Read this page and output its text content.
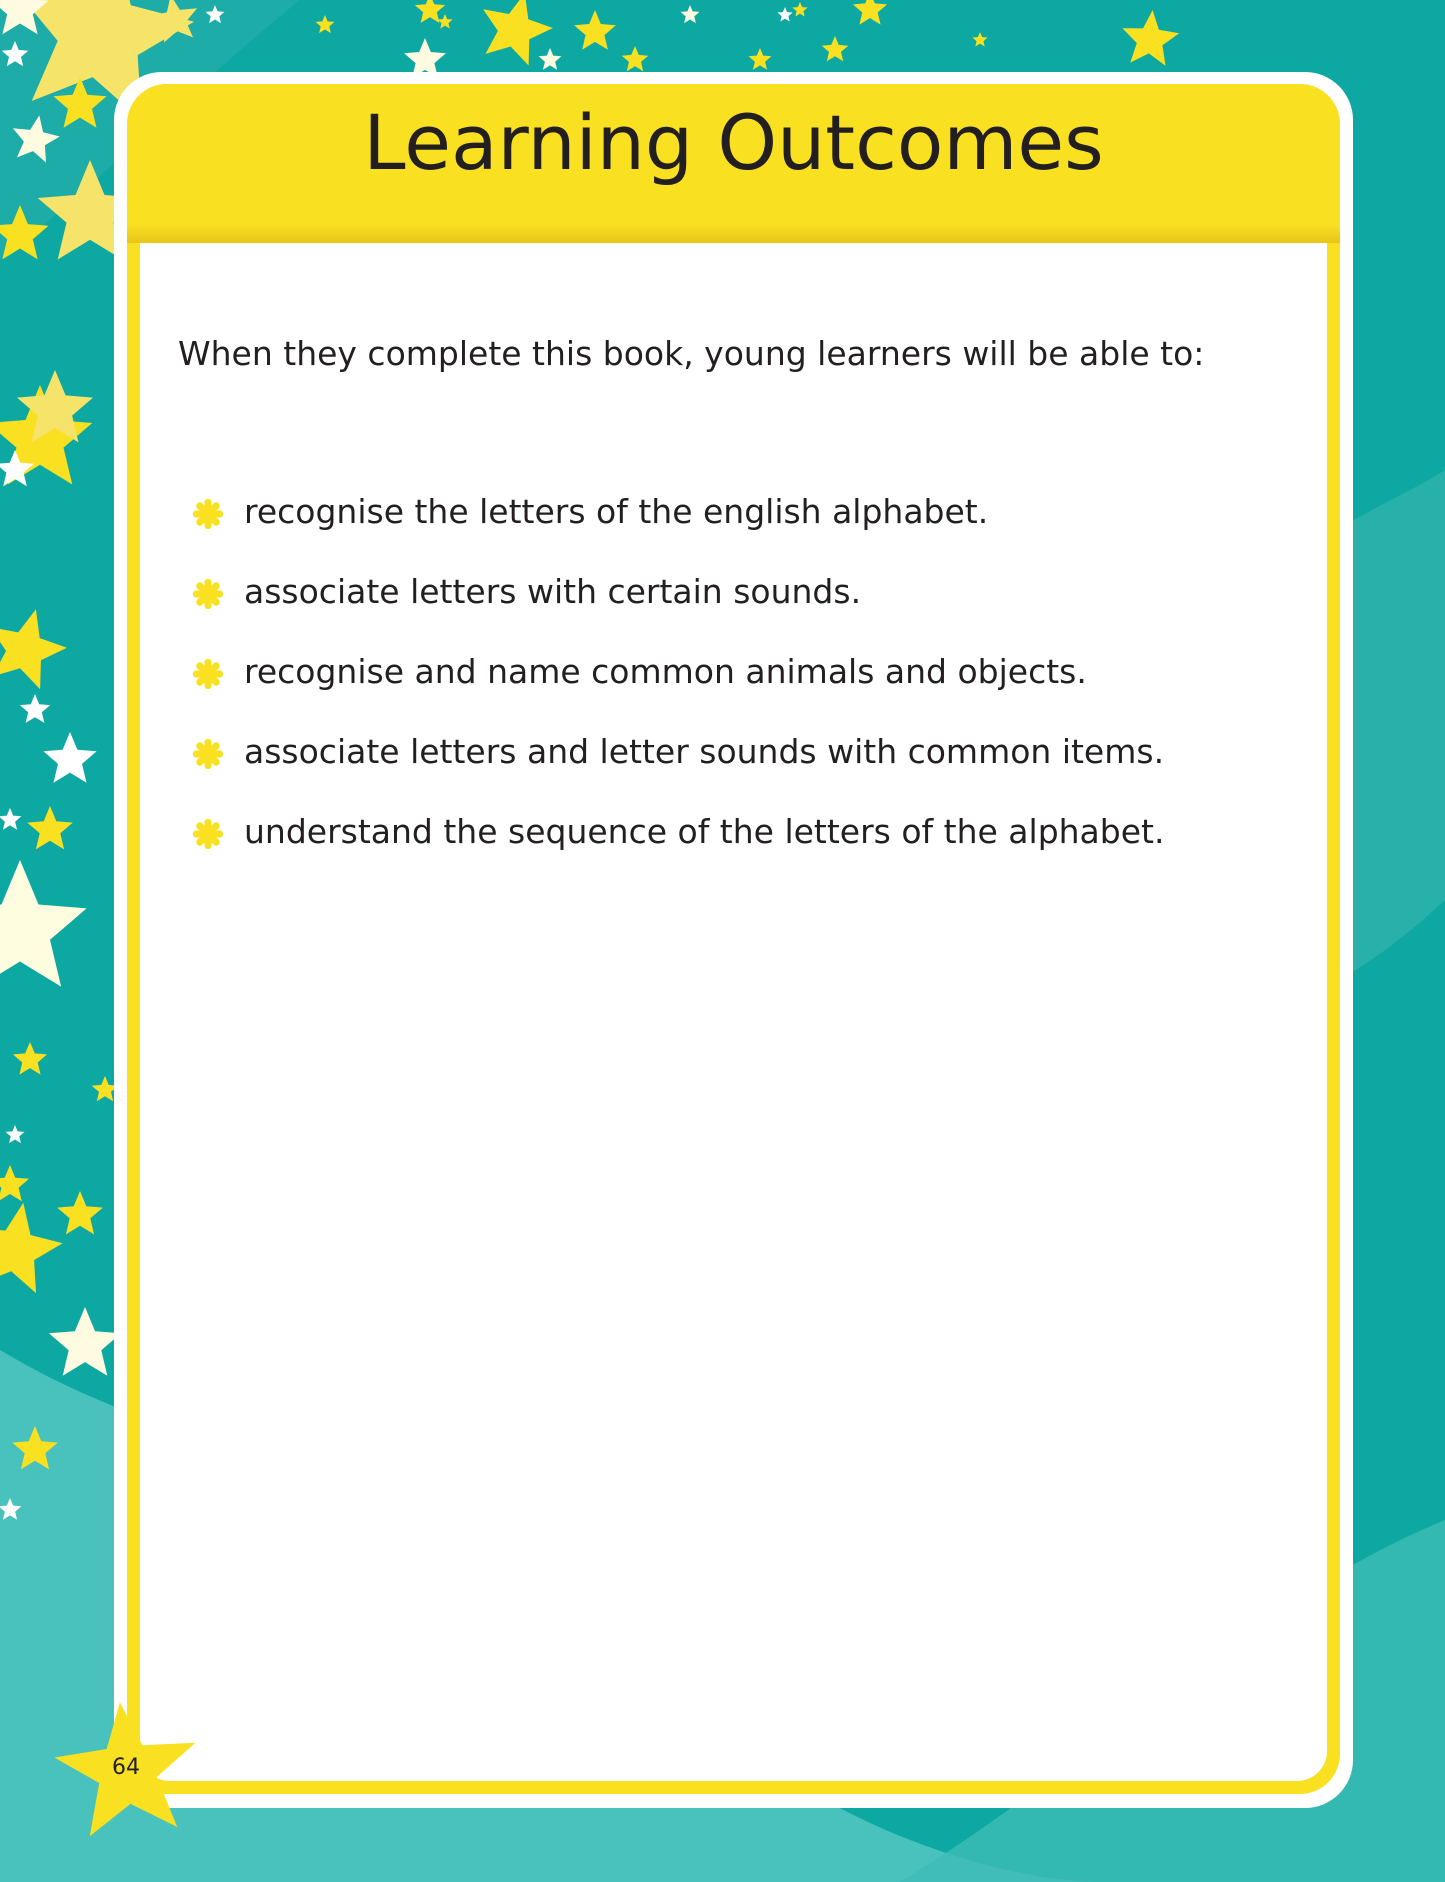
Learning Outcomes
When they complete this book, young learners will be able to:
recognise the letters of the english alphabet.
associate letters with certain sounds.
recognise and name common animals and objects.
associate letters and letter sounds with common items.
understand the sequence of the letters of the alphabet.
64
